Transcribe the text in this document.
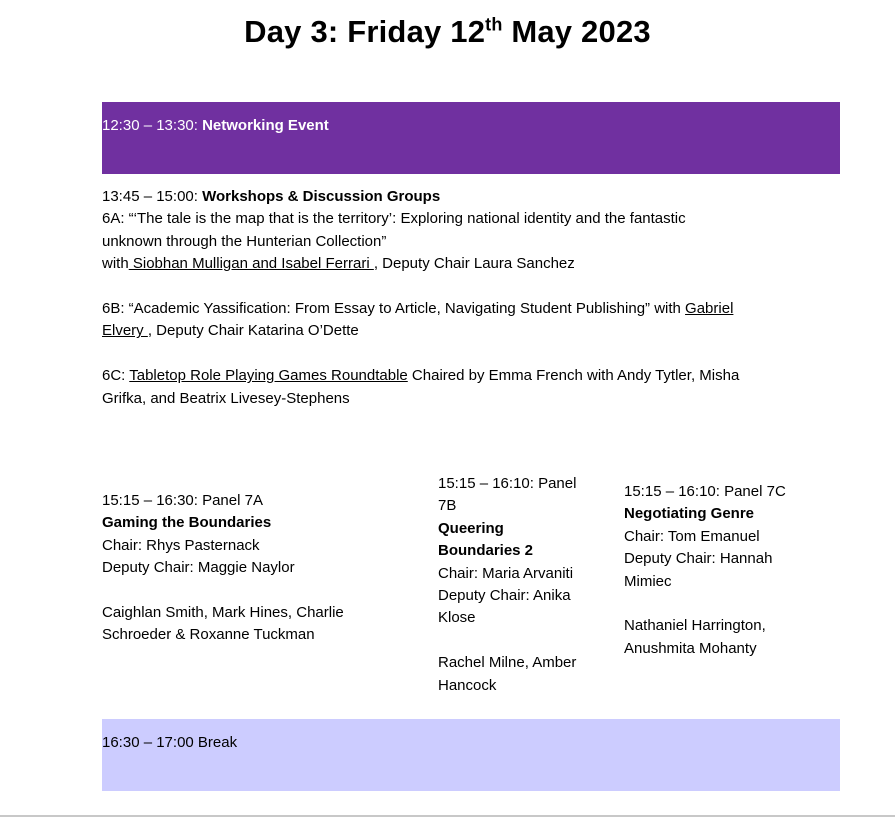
Day 3: Friday 12th May 2023
12:30 – 13:30: Networking Event
13:45 – 15:00: Workshops & Discussion Groups
6A: “‘The tale is the map that is the territory’: Exploring national identity and the fantastic
unknown through the Hunterian Collection”
with Siobhan Mulligan and Isabel Ferrari , Deputy Chair Laura Sanchez
6B: “Academic Yassification: From Essay to Article, Navigating Student Publishing” with Gabriel
Elvery , Deputy Chair Katarina O’Dette
6C: Tabletop Role Playing Games Roundtable Chaired by Emma French with Andy Tytler, Misha
Grifka, and Beatrix Livesey-Stephens
15:15 – 16:30: Panel 7A
Gaming the Boundaries
Chair: Rhys Pasternack
Deputy Chair: Maggie Naylor
Caighlan Smith, Mark Hines, Charlie
Schroeder & Roxanne Tuckman
15:15 – 16:10: Panel
7B
Queering
Boundaries 2
Chair: Maria Arvaniti
Deputy Chair: Anika
Klose
Rachel Milne, Amber
Hancock
15:15 – 16:10: Panel 7C
Negotiating Genre
Chair: Tom Emanuel
Deputy Chair: Hannah
Mimiec
Nathaniel Harrington,
Anushmita Mohanty
16:30 – 17:00 Break
